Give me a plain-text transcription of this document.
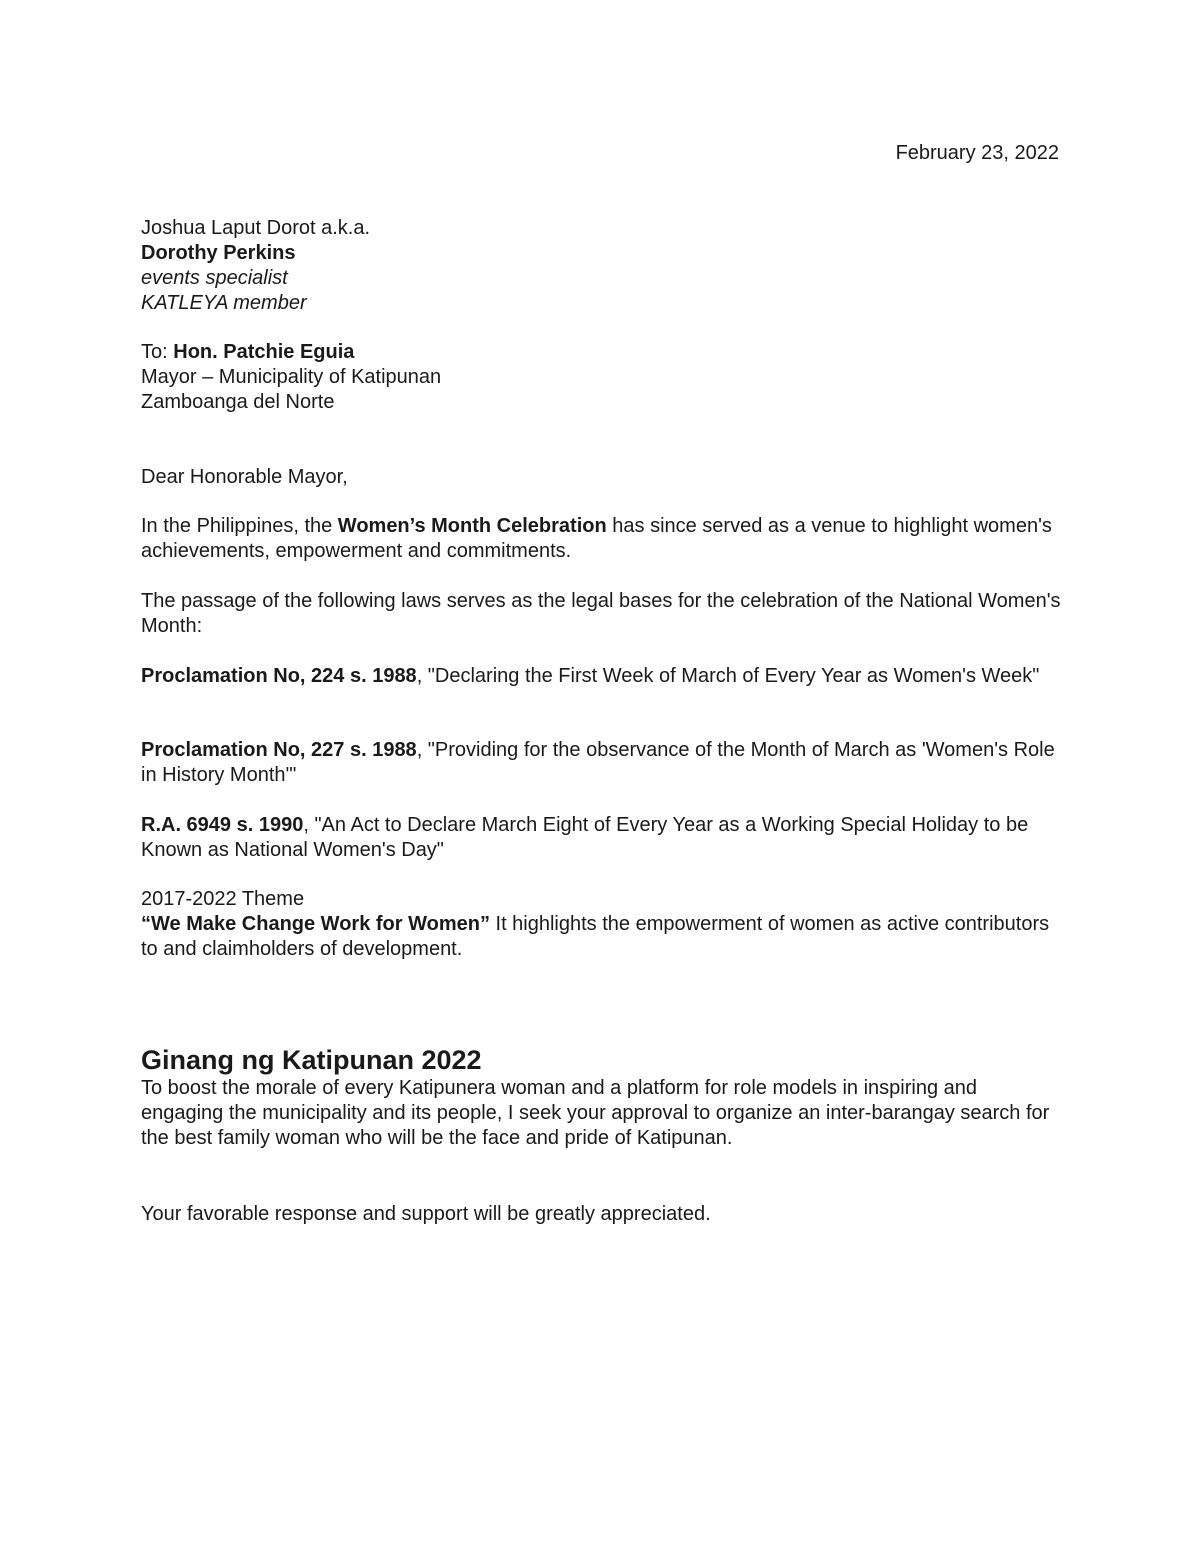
February 23, 2022

Joshua Laput Dorot a.k.a.

Dorothy Perkins

events specialist

KATLEYA member

To: Hon. Patchie Eguia

Mayor – Municipality of Katipunan

Zamboanga del Norte

Dear Honorable Mayor,

In the Philippines, the Women’s Month Celebration has since served as a venue to highlight women's achievements, empowerment and commitments.

The passage of the following laws serves as the legal bases for the celebration of the National Women's Month:

Proclamation No, 224 s. 1988, "Declaring the First Week of March of Every Year as Women's Week"

Proclamation No, 227 s. 1988, "Providing for the observance of the Month of March as 'Women's Role in History Month'"

R.A. 6949 s. 1990, "An Act to Declare March Eight of Every Year as a Working Special Holiday to be Known as National Women's Day"

2017-2022 Theme

“We Make Change Work for Women” It highlights the empowerment of women as active contributors to and claimholders of development.

Ginang ng Katipunan 2022

To boost the morale of every Katipunera woman and a platform for role models in inspiring and engaging the municipality and its people, I seek your approval to organize an inter-barangay search for the best family woman who will be the face and pride of Katipunan.

Your favorable response and support will be greatly appreciated.
